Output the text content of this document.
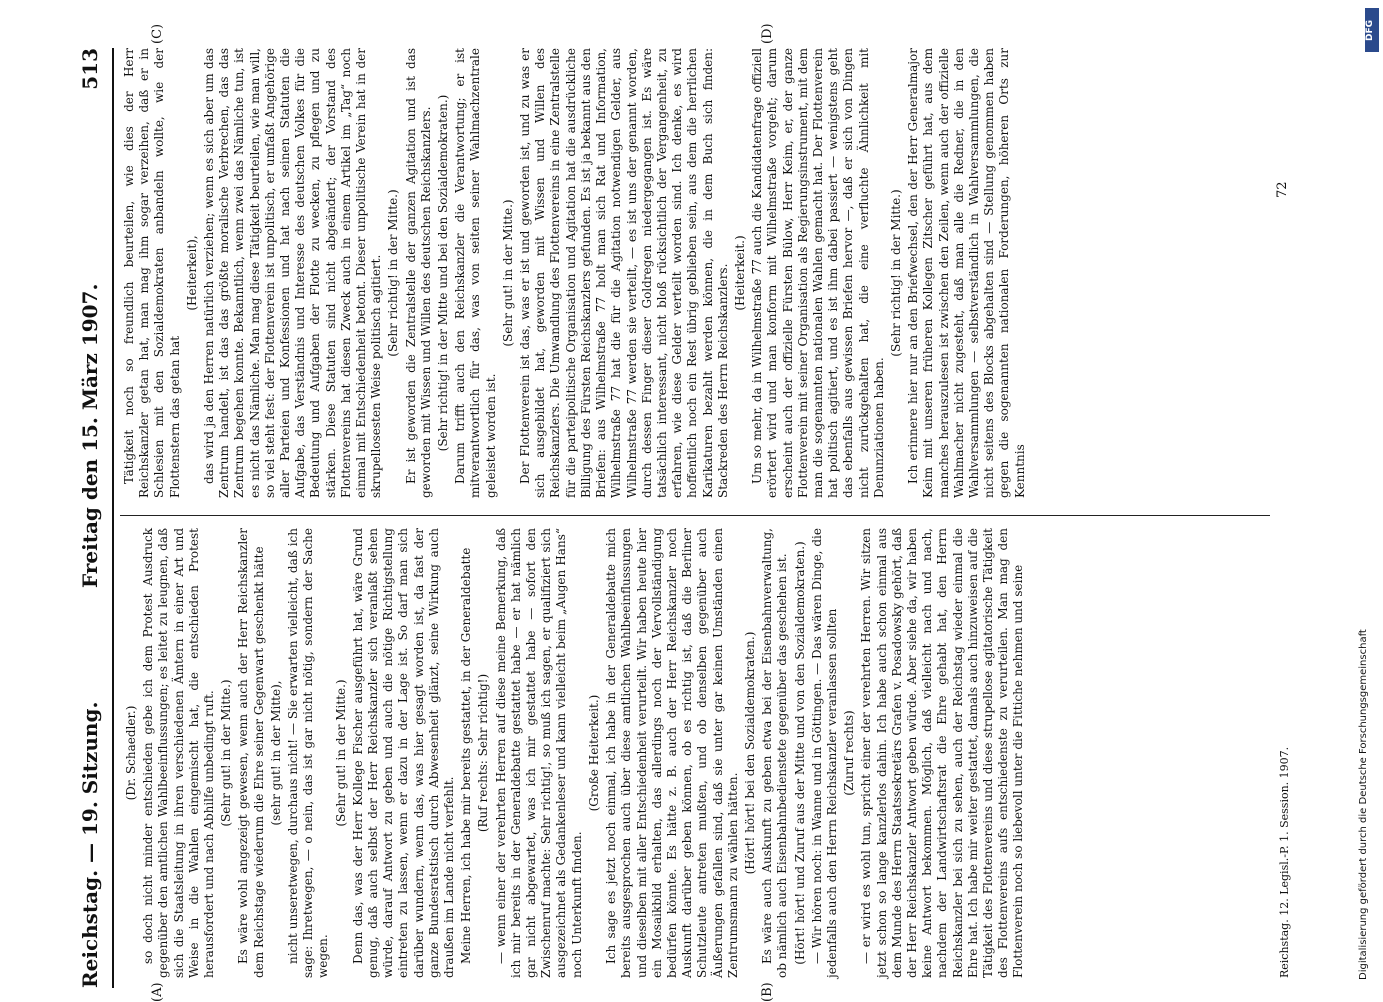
Reichstag. — 19. Sitzung.
Freitag den 15. März 1907.
513
(A)	(B)
(C)	(D)

(Dr. Schaedler.) so doch nicht minder entschieden gebe ich dem Protest Ausdruck gegenüber den amtlichen Wahlbeeinflussungen; es leitet zu leugnen, daß sich die Staatsleitung in ihren verschiedenen Ämtern in einer Art und Weise in die Wahlen eingemischt hat, die entschieden Protest herausfordert und nach Abhilfe unbedingt ruft. (Sehr gut! in der Mitte.) Es wäre wohl angezeigt gewesen, wenn auch der Herr Reichskanzler dem Reichstage wiederum die Ehre seiner Gegenwart geschenkt hätte (sehr gut! in der Mitte), nicht unseretwegen, durchaus nicht! — Sie erwarten vielleicht, daß ich sage: Ihretwegen, — o nein, das ist gar nicht nötig, sondern der Sache wegen.

(Sehr gut! in der Mitte.) Denn das, was der Herr Kollege Fischer ausgeführt hat, wäre Grund genug, daß auch selbst der Herr Reichskanzler sich veranlaßt sehen würde, darauf Antwort zu geben und auch die nötige Richtigstellung eintreten zu lassen, wenn er dazu in der Lage ist. So darf man sich darüber wundern, wenn das, was hier gesagt worden ist, da fast der ganze Bundesratstisch durch Abwesenheit glänzt, seine Wirkung auch draußen im Lande nicht verfehlt. Meine Herren, ich habe mir bereits gestattet, in der Generaldebatte (Ruf rechts: Sehr richtig!) — wenn einer der verehrten Herren auf diese meine Bemerkung, daß ich mir bereits in der Generaldebatte gestattet habe — er hat nämlich gar nicht abgewartet, was ich mir gestattet habe — sofort den Zwischenruf machte: Sehr richtig!, so muß ich sagen, er qualifiziert sich ausgezeichnet als Gedankenleser und kann vielleicht beim „Augen Hans“ noch Unterkunft finden.

(Große Heiterkeit.) Ich sage es jetzt noch einmal, ich habe in der Generaldebatte mich bereits ausgesprochen auch über diese amtlichen Wahlbeeinflussungen und dieselben mit aller Entschiedenheit verurteilt. Wir haben heute hier ein Mosaikbild erhalten, das allerdings noch der Vervollständigung bedürfen könnte. Es hätte z. B. auch der Herr Reichskanzler noch Auskunft darüber geben können, ob es richtig ist, daß die Berliner Schutzleute antreten mußten, und ob denselben gegenüber auch Äußerungen gefallen sind, daß sie unter gar keinen Umständen einen Zentrumsmann zu wählen hätten.

(Hört! hört! bei den Sozialdemokraten.) Es wäre auch Auskunft zu geben etwa bei der Eisenbahnverwaltung, ob nämlich auch Eisenbahnbedienstete gegenüber das geschehen ist. (Hört! hört! und Zuruf aus der Mitte und von den Sozialdemokraten.) — Wir hören noch: in Wanne und in Göttingen. — Das wären Dinge, die jedenfalls auch den Herrn Reichskanzler veranlassen sollten (Zuruf rechts) — er wird es wohl tun, spricht einer der verehrten Herren. Wir sitzen jetzt schon so lange kanzlerlos dahin. Ich habe auch schon einmal aus dem Munde des Herrn Staatssekretärs Grafen v. Posadowsky gehört, daß der Herr Reichskanzler Antwort geben würde. Aber siehe da, wir haben keine Antwort bekommen. Möglich, daß vielleicht nach und nach, nachdem der Landwirtschaftsrat die Ehre gehabt hat, den Herrn Reichskanzler bei sich zu sehen, auch der Reichstag wieder einmal die Ehre hat. Ich habe mir weiter gestattet, damals auch hinzuweisen auf die Tätigkeit des Flottenvereins und diese strupellose agitatorische Tätigkeit des Flottenvereins aufs entschiedenste zu verurteilen. Man mag den Flottenverein noch so liebevoll unter die Fittiche nehmen und seine

Tätigkeit noch so freundlich beurteilen, wie dies der Herr Reichskanzler getan hat, man mag ihm sogar verzeihen, daß er in Schlesien mit den Sozialdemokraten anbandeln wollte, wie der Flottenstern das getan hat

(Heiterkeit), das wird ja den Herren natürlich verziehen; wenn es sich aber um das Zentrum handelt, ist das das größte moralische Verbrechen, das das Zentrum begehen konnte. Bekanntlich, wenn zwei das Nämliche tun, ist es nicht das Nämliche. Man mag diese Tätigkeit beurteilen, wie man will, so viel steht fest: der Flottenverein ist unpolitisch, er umfaßt Angehörige aller Parteien und Konfessionen und hat nach seinen Statuten die Aufgabe, das Verständnis und Interesse des deutschen Volkes für die Bedeutung und Aufgaben der Flotte zu wecken, zu pflegen und zu stärken. Diese Statuten sind nicht abgeändert; der Vorstand des Flottenvereins hat diesen Zweck auch in einem Artikel im „Tag“ noch einmal mit Entschiedenheit betont. Dieser unpolitische Verein hat in der skrupellosesten Weise politisch agitiert. (Sehr richtig! in der Mitte.) Er ist geworden die Zentralstelle der ganzen Agitation und ist das geworden mit Wissen und Willen des deutschen Reichskanzlers. (Sehr richtig! in der Mitte und bei den Sozialdemokraten.) Darum trifft auch den Reichskanzler die Verantwortung; er ist mitverantwortlich für das, was von seiten seiner Wahlmachzentrale geleistet worden ist.

(Sehr gut! in der Mitte.) Der Flottenverein ist das, was er ist und geworden ist, und zu was er sich ausgebildet hat, geworden mit Wissen und Willen des Reichskanzlers. Die Umwandlung des Flottenvereins in eine Zentralstelle für die parteipolitische Organisation und Agitation hat die ausdrückliche Billigung des Fürsten Reichskanzlers gefunden. Es ist ja bekannt aus den Briefen: aus Wilhelmstraße 77 holt man sich Rat und Information, Wilhelmstraße 77 hat die für die Agitation notwendigen Gelder, aus Wilhelmstraße 77 werden sie verteilt, — es ist uns der genannt worden, durch dessen Finger dieser Goldregen niedergegangen ist. Es wäre tatsächlich interessant, nicht bloß rücksichtlich der Vergangenheit, zu erfahren, wie diese Gelder verteilt worden sind. Ich denke, es wird hoffentlich noch ein Rest übrig geblieben sein, aus dem die herrlichen Karikaturen bezahlt werden können, die in dem Buch sich finden: Stackreden des Herrn Reichskanzlers. (Heiterkeit.) Um so mehr, da in Wilhelmstraße 77 auch die Kandidatenfrage offiziell erörtert wird und man konform mit Wilhelmstraße vorgeht; darum erscheint auch der offizielle Fürsten Bülow, Herr Keim, er, der ganze Flottenverein mit seiner Organisation als Regierungsinstrument, mit dem man die sogenannten nationalen Wahlen gemacht hat. Der Flottenverein hat politisch agitiert, und es ist ihm dabei passiert — wenigstens geht das ebenfalls aus gewissen Briefen hervor —, daß er sich von Dingen nicht zurückgehalten hat, die eine verfluchte Ähnlichkeit mit Denunziationen haben.

(Sehr richtig! in der Mitte.) Ich erinnere hier nur an den Briefwechsel, den der Herr Generalmajor Keim mit unseren früheren Kollegen Zitscher geführt hat, aus dem manches herauszulesen ist zwischen den Zeilen, wenn auch der offizielle Wahlmacher nicht zugesteht, daß man alle die Redner, die in den Wahlversammlungen — selbstverständlich in Wahlversammlungen, die nicht seitens des Blocks abgehalten sind — Stellung genommen haben gegen die sogenannten nationalen Forderungen, höheren Orts zur Kenntnis

Reichstag. 12. Legisl.-P. 1. Session. 1907.
72
Digitalisierung gefördert durch die Deutsche Forschungsgemeinschaft
DFG
